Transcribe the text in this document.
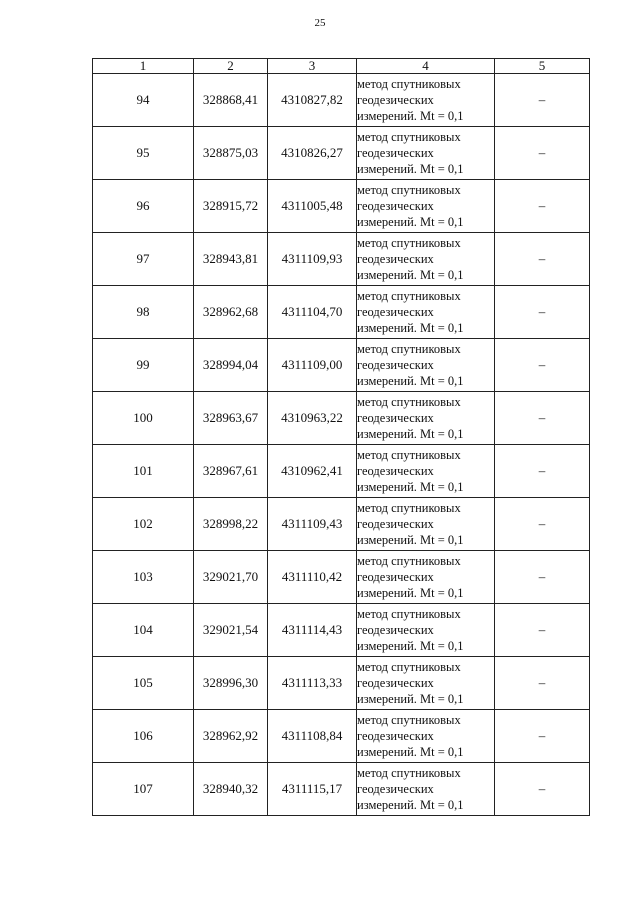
25
1	2	3	4	5
94	328868,41	4310827,82	метод спутниковых
геодезических
измерений. Mt = 0,1	–
95	328875,03	4310826,27	метод спутниковых
геодезических
измерений. Mt = 0,1	–
96	328915,72	4311005,48	метод спутниковых
геодезических
измерений. Mt = 0,1	–
97	328943,81	4311109,93	метод спутниковых
геодезических
измерений. Mt = 0,1	–
98	328962,68	4311104,70	метод спутниковых
геодезических
измерений. Mt = 0,1	–
99	328994,04	4311109,00	метод спутниковых
геодезических
измерений. Mt = 0,1	–
100	328963,67	4310963,22	метод спутниковых
геодезических
измерений. Mt = 0,1	–
101	328967,61	4310962,41	метод спутниковых
геодезических
измерений. Mt = 0,1	–
102	328998,22	4311109,43	метод спутниковых
геодезических
измерений. Mt = 0,1	–
103	329021,70	4311110,42	метод спутниковых
геодезических
измерений. Mt = 0,1	–
104	329021,54	4311114,43	метод спутниковых
геодезических
измерений. Mt = 0,1	–
105	328996,30	4311113,33	метод спутниковых
геодезических
измерений. Mt = 0,1	–
106	328962,92	4311108,84	метод спутниковых
геодезических
измерений. Mt = 0,1	–
107	328940,32	4311115,17	метод спутниковых
геодезических
измерений. Mt = 0,1	–
